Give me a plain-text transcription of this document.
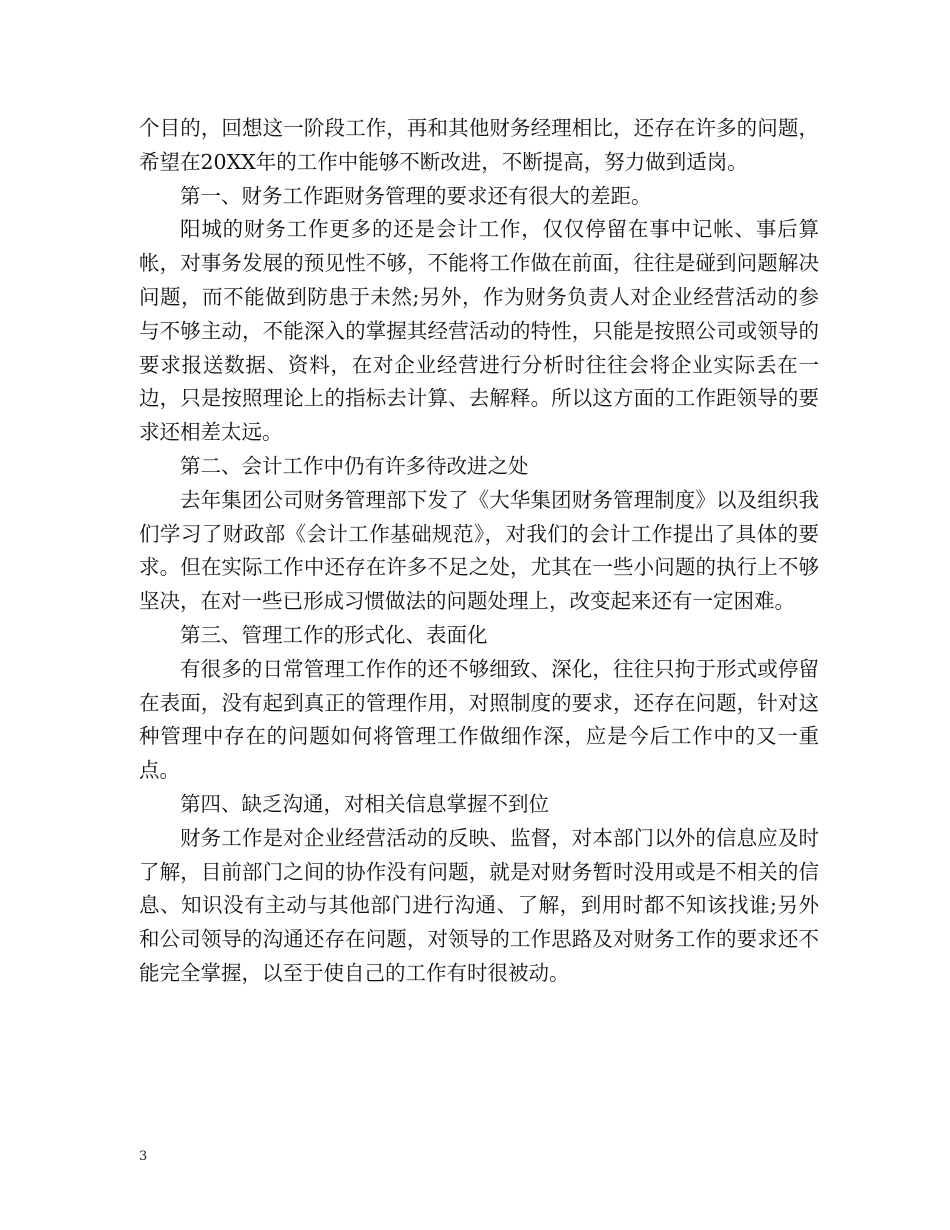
个目的，回想这一阶段工作，再和其他财务经理相比，还存在许多的问题，希望在20XX年的工作中能够不断改进，不断提高，努力做到适岗。

第一、财务工作距财务管理的要求还有很大的差距。

阳城的财务工作更多的还是会计工作，仅仅停留在事中记帐、事后算帐，对事务发展的预见性不够，不能将工作做在前面，往往是碰到问题解决问题，而不能做到防患于未然;另外，作为财务负责人对企业经营活动的参与不够主动，不能深入的掌握其经营活动的特性，只能是按照公司或领导的要求报送数据、资料，在对企业经营进行分析时往往会将企业实际丢在一边，只是按照理论上的指标去计算、去解释。所以这方面的工作距领导的要求还相差太远。

第二、会计工作中仍有许多待改进之处

去年集团公司财务管理部下发了《大华集团财务管理制度》以及组织我们学习了财政部《会计工作基础规范》，对我们的会计工作提出了具体的要求。但在实际工作中还存在许多不足之处，尤其在一些小问题的执行上不够坚决，在对一些已形成习惯做法的问题处理上，改变起来还有一定困难。

第三、管理工作的形式化、表面化

有很多的日常管理工作作的还不够细致、深化，往往只拘于形式或停留在表面，没有起到真正的管理作用，对照制度的要求，还存在问题，针对这种管理中存在的问题如何将管理工作做细作深，应是今后工作中的又一重点。

第四、缺乏沟通，对相关信息掌握不到位

财务工作是对企业经营活动的反映、监督，对本部门以外的信息应及时了解，目前部门之间的协作没有问题，就是对财务暂时没用或是不相关的信息、知识没有主动与其他部门进行沟通、了解，到用时都不知该找谁;另外和公司领导的沟通还存在问题，对领导的工作思路及对财务工作的要求还不能完全掌握，以至于使自己的工作有时很被动。

3
